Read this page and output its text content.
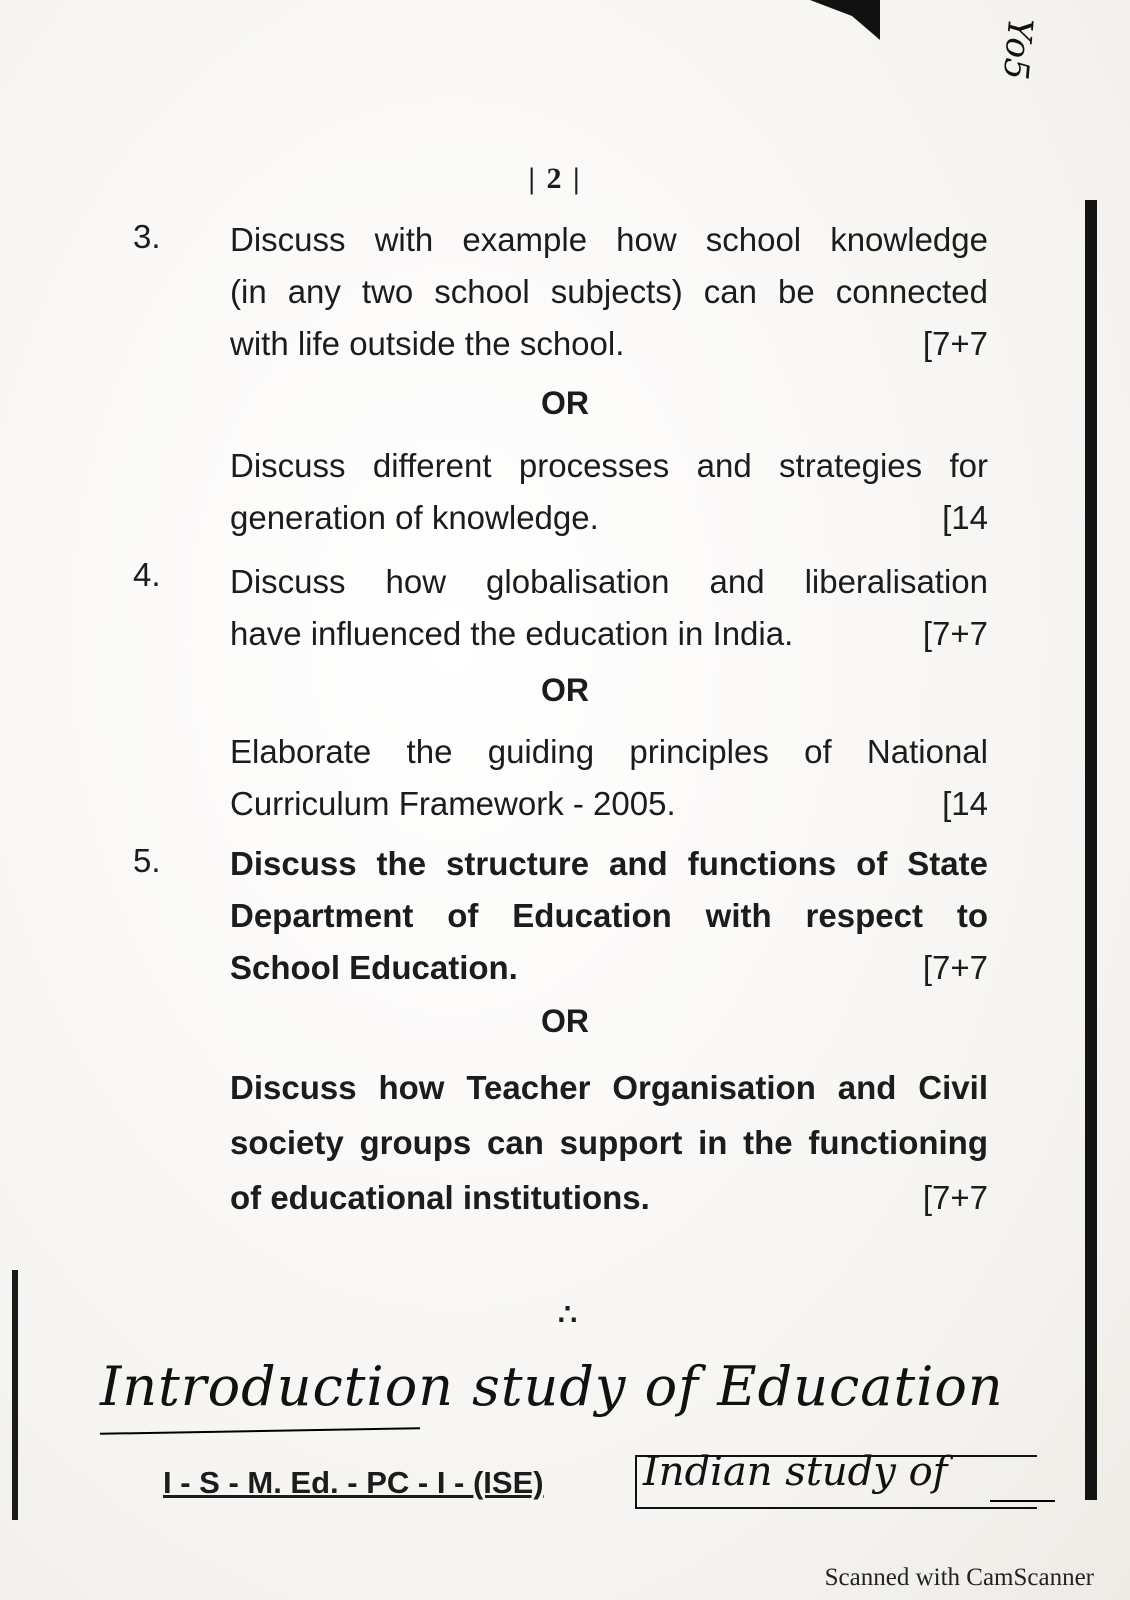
Yo5
| 2 |
3. Discuss with example how school knowledge
(in any two school subjects) can be connected
with life outside the school.	[7+7
OR
Discuss different processes and strategies for
generation of knowledge.	[14
4. Discuss how globalisation and liberalisation
have influenced the education in India.	[7+7
OR
Elaborate the guiding principles of National
Curriculum Framework - 2005.	[14
5. Discuss the structure and functions of State
Department of Education with respect to
School Education.	[7+7
OR
Discuss how Teacher Organisation and Civil
society groups can support in the functioning
of educational institutions.	[7+7
∴
Introduction study of Education
I - S - M. Ed. - PC - I - (ISE) Indian study of
Scanned with CamScanner
